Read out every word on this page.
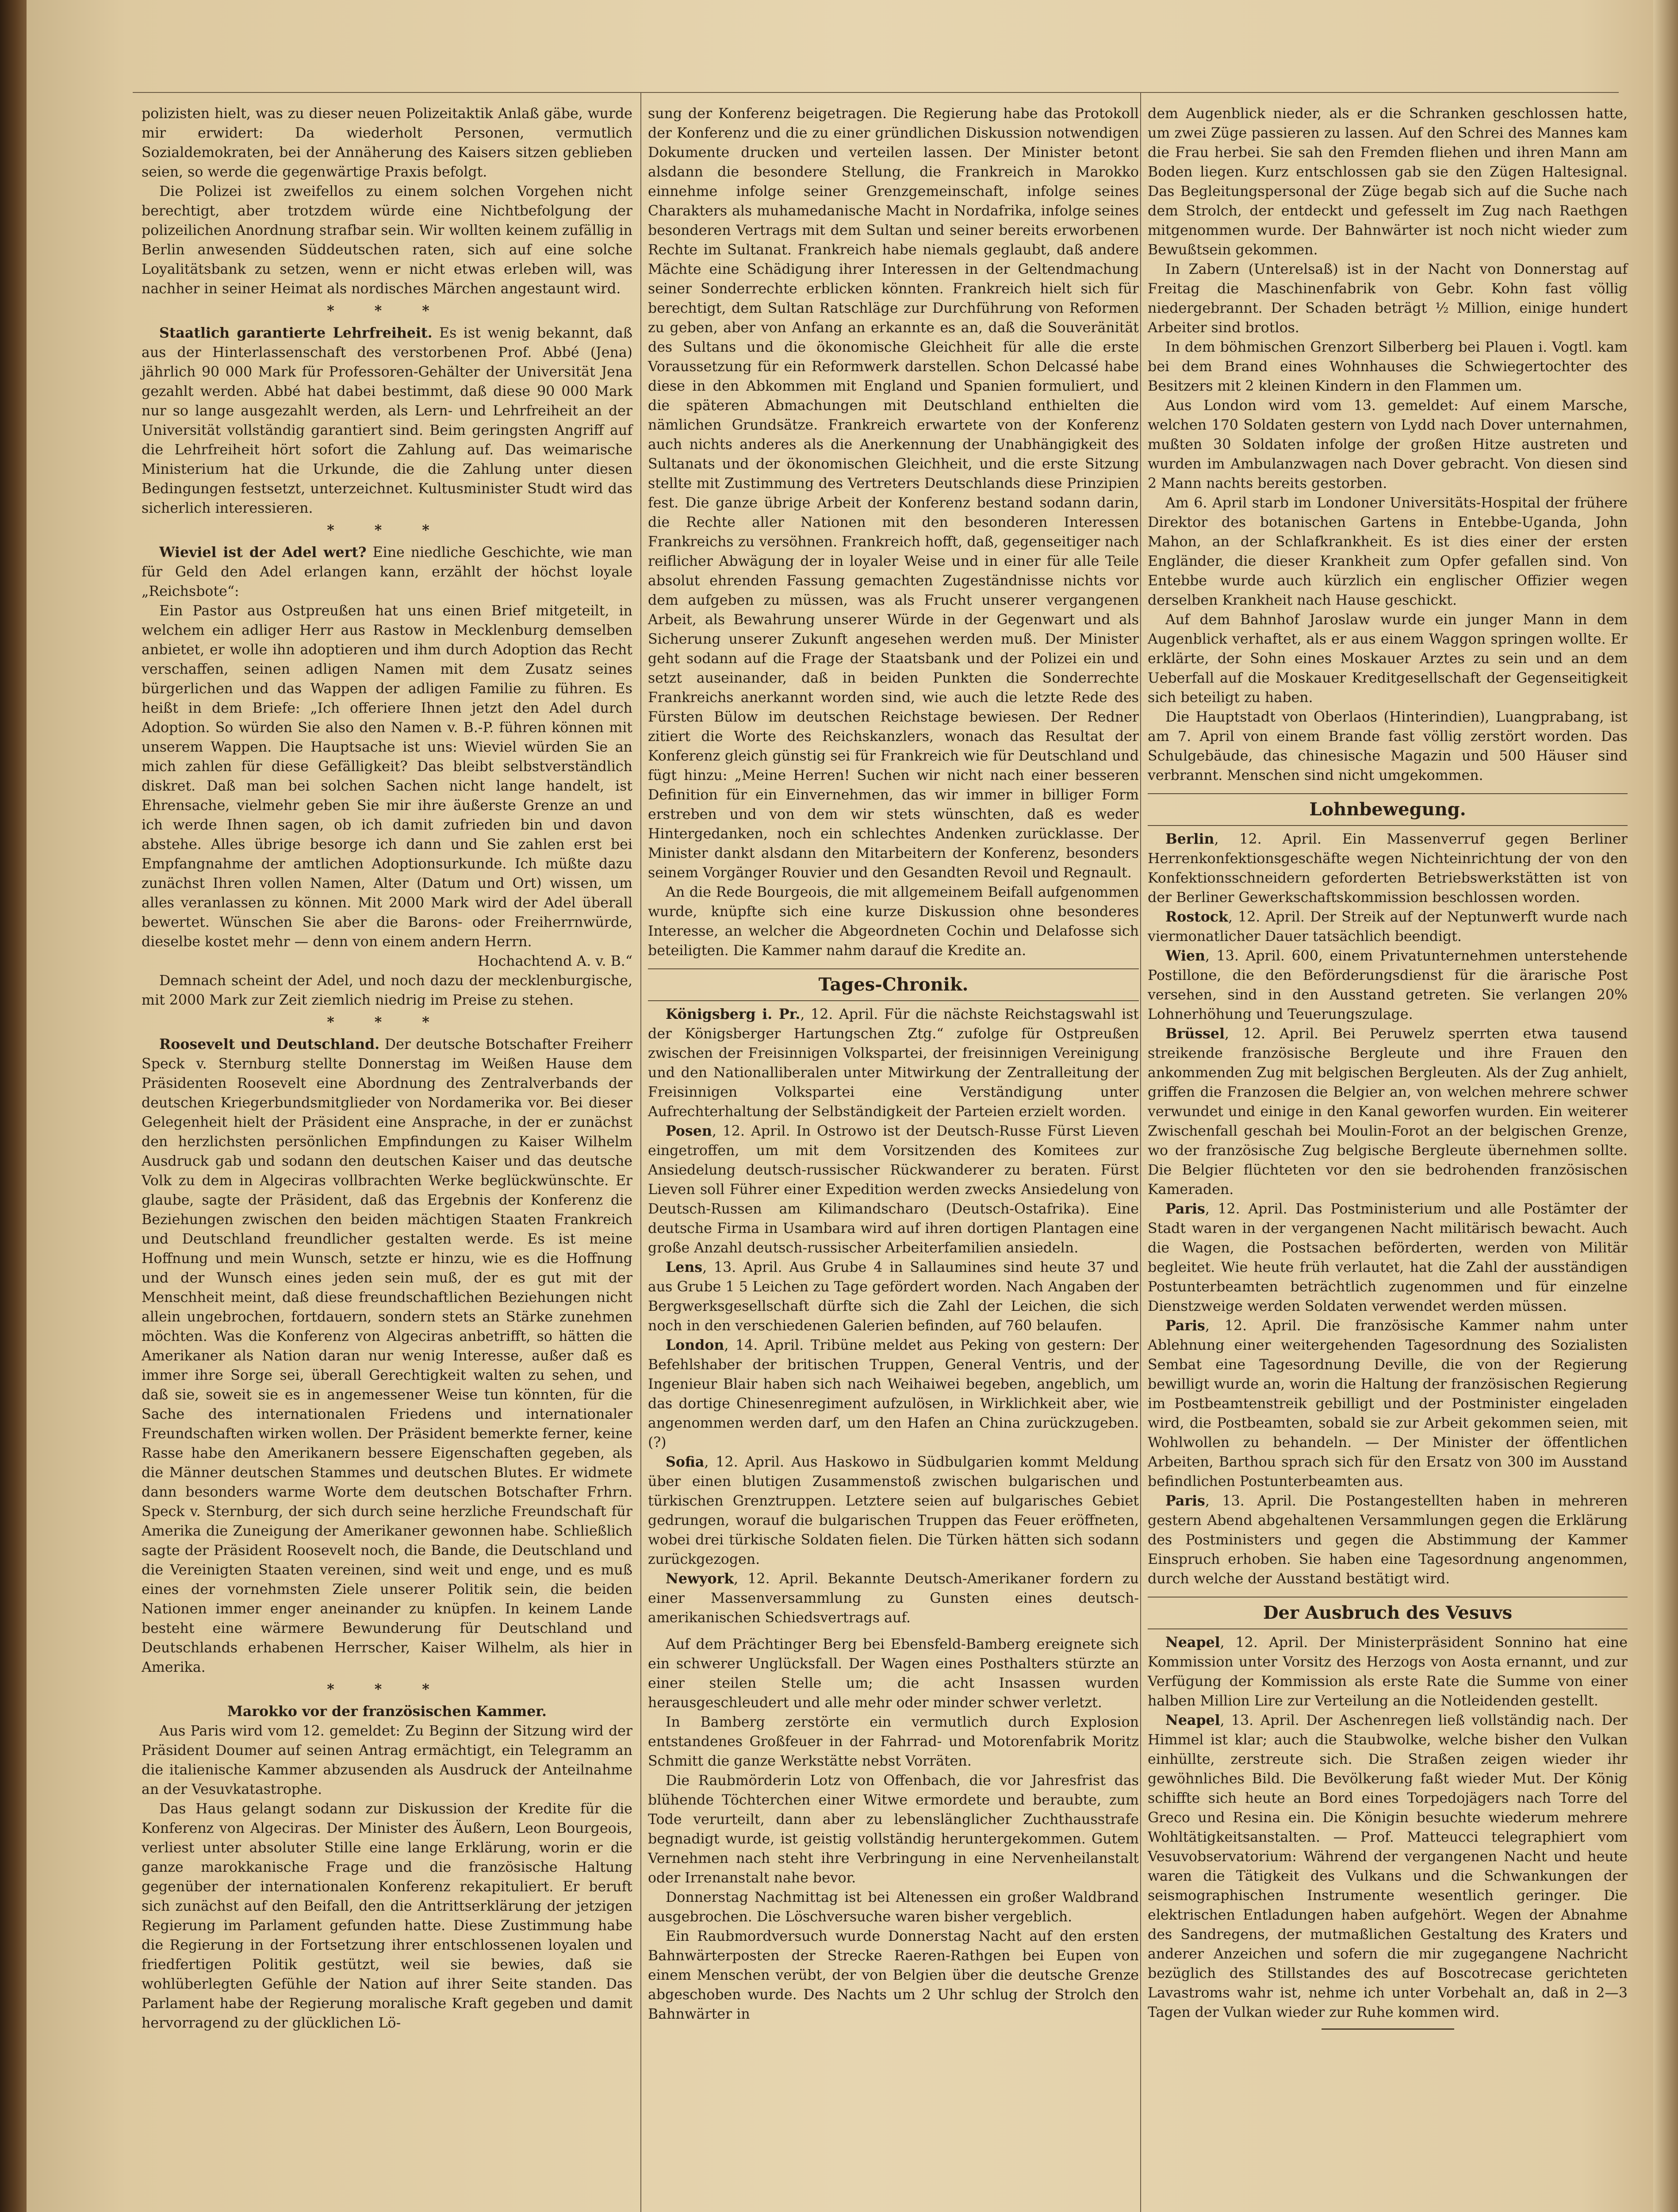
polizisten hielt, was zu dieser neuen Polizeitaktik Anlaß gäbe, wurde mir erwidert: Da wiederholt Personen, vermutlich Sozialdemokraten, bei der Annäherung des Kaisers sitzen geblieben seien, so werde die gegenwärtige Praxis befolgt.

Die Polizei ist zweifellos zu einem solchen Vorgehen nicht berechtigt, aber trotzdem würde eine Nichtbefolgung der polizeilichen Anordnung strafbar sein. Wir wollten keinem zufällig in Berlin anwesenden Süddeutschen raten, sich auf eine solche Loyalitätsbank zu setzen, wenn er nicht etwas erleben will, was nachher in seiner Heimat als nordisches Märchen angestaunt wird.

* * *

Staatlich garantierte Lehrfreiheit. Es ist wenig bekannt, daß aus der Hinterlassenschaft des verstorbenen Prof. Abbé (Jena) jährlich 90 000 Mark für Professoren-Gehälter der Universität Jena gezahlt werden. Abbé hat dabei bestimmt, daß diese 90 000 Mark nur so lange ausgezahlt werden, als Lern- und Lehrfreiheit an der Universität vollständig garantiert sind. Beim geringsten Angriff auf die Lehrfreiheit hört sofort die Zahlung auf. Das weimarische Ministerium hat die Urkunde, die die Zahlung unter diesen Bedingungen festsetzt, unterzeichnet. Kultusminister Studt wird das sicherlich interessieren.

* * *

Wieviel ist der Adel wert? Eine niedliche Geschichte, wie man für Geld den Adel erlangen kann, erzählt der höchst loyale „Reichsbote“:

Ein Pastor aus Ostpreußen hat uns einen Brief mitgeteilt, in welchem ein adliger Herr aus Rastow in Mecklenburg demselben anbietet, er wolle ihn adoptieren und ihm durch Adoption das Recht verschaffen, seinen adligen Namen mit dem Zusatz seines bürgerlichen und das Wappen der adligen Familie zu führen. Es heißt in dem Briefe: „Ich offeriere Ihnen jetzt den Adel durch Adoption. So würden Sie also den Namen v. B.-P. führen können mit unserem Wappen. Die Hauptsache ist uns: Wieviel würden Sie an mich zahlen für diese Gefälligkeit? Das bleibt selbstverständlich diskret. Daß man bei solchen Sachen nicht lange handelt, ist Ehrensache, vielmehr geben Sie mir ihre äußerste Grenze an und ich werde Ihnen sagen, ob ich damit zufrieden bin und davon abstehe. Alles übrige besorge ich dann und Sie zahlen erst bei Empfangnahme der amtlichen Adoptionsurkunde. Ich müßte dazu zunächst Ihren vollen Namen, Alter (Datum und Ort) wissen, um alles veranlassen zu können. Mit 2000 Mark wird der Adel überall bewertet. Wünschen Sie aber die Barons- oder Freiherrnwürde, dieselbe kostet mehr — denn von einem andern Herrn.

Hochachtend A. v. B.“

Demnach scheint der Adel, und noch dazu der mecklenburgische, mit 2000 Mark zur Zeit ziemlich niedrig im Preise zu stehen.

* * *

Roosevelt und Deutschland. Der deutsche Botschafter Freiherr Speck v. Sternburg stellte Donnerstag im Weißen Hause dem Präsidenten Roosevelt eine Abordnung des Zentralverbands der deutschen Kriegerbundsmitglieder von Nordamerika vor. Bei dieser Gelegenheit hielt der Präsident eine Ansprache, in der er zunächst den herzlichsten persönlichen Empfindungen zu Kaiser Wilhelm Ausdruck gab und sodann den deutschen Kaiser und das deutsche Volk zu dem in Algeciras vollbrachten Werke beglückwünschte. Er glaube, sagte der Präsident, daß das Ergebnis der Konferenz die Beziehungen zwischen den beiden mächtigen Staaten Frankreich und Deutschland freundlicher gestalten werde. Es ist meine Hoffnung und mein Wunsch, setzte er hinzu, wie es die Hoffnung und der Wunsch eines jeden sein muß, der es gut mit der Menschheit meint, daß diese freundschaftlichen Beziehungen nicht allein ungebrochen, fortdauern, sondern stets an Stärke zunehmen möchten. Was die Konferenz von Algeciras anbetrifft, so hätten die Amerikaner als Nation daran nur wenig Interesse, außer daß es immer ihre Sorge sei, überall Gerechtigkeit walten zu sehen, und daß sie, soweit sie es in angemessener Weise tun könnten, für die Sache des internationalen Friedens und internationaler Freundschaften wirken wollen. Der Präsident bemerkte ferner, keine Rasse habe den Amerikanern bessere Eigenschaften gegeben, als die Männer deutschen Stammes und deutschen Blutes. Er widmete dann besonders warme Worte dem deutschen Botschafter Frhrn. Speck v. Sternburg, der sich durch seine herzliche Freundschaft für Amerika die Zuneigung der Amerikaner gewonnen habe. Schließlich sagte der Präsident Roosevelt noch, die Bande, die Deutschland und die Vereinigten Staaten vereinen, sind weit und enge, und es muß eines der vornehmsten Ziele unserer Politik sein, die beiden Nationen immer enger aneinander zu knüpfen. In keinem Lande besteht eine wärmere Bewunderung für Deutschland und Deutschlands erhabenen Herrscher, Kaiser Wilhelm, als hier in Amerika.

* * *

Marokko vor der französischen Kammer.

Aus Paris wird vom 12. gemeldet: Zu Beginn der Sitzung wird der Präsident Doumer auf seinen Antrag ermächtigt, ein Telegramm an die italienische Kammer abzusenden als Ausdruck der Anteilnahme an der Vesuvkatastrophe.

Das Haus gelangt sodann zur Diskussion der Kredite für die Konferenz von Algeciras. Der Minister des Äußern, Leon Bourgeois, verliest unter absoluter Stille eine lange Erklärung, worin er die ganze marokkanische Frage und die französische Haltung gegenüber der internationalen Konferenz rekapituliert. Er beruft sich zunächst auf den Beifall, den die Antrittserklärung der jetzigen Regierung im Parlament gefunden hatte. Diese Zustimmung habe die Regierung in der Fortsetzung ihrer entschlossenen loyalen und friedfertigen Politik gestützt, weil sie bewies, daß sie wohlüberlegten Gefühle der Nation auf ihrer Seite standen. Das Parlament habe der Regierung moralische Kraft gegeben und damit hervorragend zu der glücklichen Lö-

sung der Konferenz beigetragen. Die Regierung habe das Protokoll der Konferenz und die zu einer gründlichen Diskussion notwendigen Dokumente drucken und verteilen lassen. Der Minister betont alsdann die besondere Stellung, die Frankreich in Marokko einnehme infolge seiner Grenzgemeinschaft, infolge seines Charakters als muhamedanische Macht in Nordafrika, infolge seines besonderen Vertrags mit dem Sultan und seiner bereits erworbenen Rechte im Sultanat. Frankreich habe niemals geglaubt, daß andere Mächte eine Schädigung ihrer Interessen in der Geltendmachung seiner Sonderrechte erblicken könnten. Frankreich hielt sich für berechtigt, dem Sultan Ratschläge zur Durchführung von Reformen zu geben, aber von Anfang an erkannte es an, daß die Souveränität des Sultans und die ökonomische Gleichheit für alle die erste Voraussetzung für ein Reformwerk darstellen. Schon Delcassé habe diese in den Abkommen mit England und Spanien formuliert, und die späteren Abmachungen mit Deutschland enthielten die nämlichen Grundsätze. Frankreich erwartete von der Konferenz auch nichts anderes als die Anerkennung der Unabhängigkeit des Sultanats und der ökonomischen Gleichheit, und die erste Sitzung stellte mit Zustimmung des Vertreters Deutschlands diese Prinzipien fest. Die ganze übrige Arbeit der Konferenz bestand sodann darin, die Rechte aller Nationen mit den besonderen Interessen Frankreichs zu versöhnen. Frankreich hofft, daß, gegenseitiger nach reiflicher Abwägung der in loyaler Weise und in einer für alle Teile absolut ehrenden Fassung gemachten Zugeständnisse nichts vor dem aufgeben zu müssen, was als Frucht unserer vergangenen Arbeit, als Bewahrung unserer Würde in der Gegenwart und als Sicherung unserer Zukunft angesehen werden muß. Der Minister geht sodann auf die Frage der Staatsbank und der Polizei ein und setzt auseinander, daß in beiden Punkten die Sonderrechte Frankreichs anerkannt worden sind, wie auch die letzte Rede des Fürsten Bülow im deutschen Reichstage bewiesen. Der Redner zitiert die Worte des Reichskanzlers, wonach das Resultat der Konferenz gleich günstig sei für Frankreich wie für Deutschland und fügt hinzu: „Meine Herren! Suchen wir nicht nach einer besseren Definition für ein Einvernehmen, das wir immer in billiger Form erstreben und von dem wir stets wünschten, daß es weder Hintergedanken, noch ein schlechtes Andenken zurücklasse. Der Minister dankt alsdann den Mitarbeitern der Konferenz, besonders seinem Vorgänger Rouvier und den Gesandten Revoil und Regnault.

An die Rede Bourgeois, die mit allgemeinem Beifall aufgenommen wurde, knüpfte sich eine kurze Diskussion ohne besonderes Interesse, an welcher die Abgeordneten Cochin und Delafosse sich beteiligten. Die Kammer nahm darauf die Kredite an.

Tages-Chronik.

Königsberg i. Pr., 12. April. Für die nächste Reichstagswahl ist der Königsberger Hartungschen Ztg.“ zufolge für Ostpreußen zwischen der Freisinnigen Volkspartei, der freisinnigen Vereinigung und den Nationalliberalen unter Mitwirkung der Zentralleitung der Freisinnigen Volkspartei eine Verständigung unter Aufrechterhaltung der Selbständigkeit der Parteien erzielt worden.

Posen, 12. April. In Ostrowo ist der Deutsch-Russe Fürst Lieven eingetroffen, um mit dem Vorsitzenden des Komitees zur Ansiedelung deutsch-russischer Rückwanderer zu beraten. Fürst Lieven soll Führer einer Expedition werden zwecks Ansiedelung von Deutsch-Russen am Kilimandscharo (Deutsch-Ostafrika). Eine deutsche Firma in Usambara wird auf ihren dortigen Plantagen eine große Anzahl deutsch-russischer Arbeiterfamilien ansiedeln.

Lens, 13. April. Aus Grube 4 in Sallaumines sind heute 37 und aus Grube 1 5 Leichen zu Tage gefördert worden. Nach Angaben der Bergwerksgesellschaft dürfte sich die Zahl der Leichen, die sich noch in den verschiedenen Galerien befinden, auf 760 belaufen.

London, 14. April. Tribüne meldet aus Peking von gestern: Der Befehlshaber der britischen Truppen, General Ventris, und der Ingenieur Blair haben sich nach Weihaiwei begeben, angeblich, um das dortige Chinesenregiment aufzulösen, in Wirklichkeit aber, wie angenommen werden darf, um den Hafen an China zurückzugeben. (?)

Sofia, 12. April. Aus Haskowo in Südbulgarien kommt Meldung über einen blutigen Zusammenstoß zwischen bulgarischen und türkischen Grenztruppen. Letztere seien auf bulgarisches Gebiet gedrungen, worauf die bulgarischen Truppen das Feuer eröffneten, wobei drei türkische Soldaten fielen. Die Türken hätten sich sodann zurückgezogen.

Newyork, 12. April. Bekannte Deutsch-Amerikaner fordern zu einer Massenversammlung zu Gunsten eines deutsch-amerikanischen Schiedsvertrags auf.

Auf dem Prächtinger Berg bei Ebensfeld-Bamberg ereignete sich ein schwerer Unglücksfall. Der Wagen eines Posthalters stürzte an einer steilen Stelle um; die acht Insassen wurden herausgeschleudert und alle mehr oder minder schwer verletzt.

In Bamberg zerstörte ein vermutlich durch Explosion entstandenes Großfeuer in der Fahrrad- und Motorenfabrik Moritz Schmitt die ganze Werkstätte nebst Vorräten.

Die Raubmörderin Lotz von Offenbach, die vor Jahresfrist das blühende Töchterchen einer Witwe ermordete und beraubte, zum Tode verurteilt, dann aber zu lebenslänglicher Zuchthausstrafe begnadigt wurde, ist geistig vollständig heruntergekommen. Gutem Vernehmen nach steht ihre Verbringung in eine Nervenheilanstalt oder Irrenanstalt nahe bevor.

Donnerstag Nachmittag ist bei Altenessen ein großer Waldbrand ausgebrochen. Die Löschversuche waren bisher vergeblich.

Ein Raubmordversuch wurde Donnerstag Nacht auf den ersten Bahnwärterposten der Strecke Raeren-Rathgen bei Eupen von einem Menschen verübt, der von Belgien über die deutsche Grenze abgeschoben wurde. Des Nachts um 2 Uhr schlug der Strolch den Bahnwärter in

dem Augenblick nieder, als er die Schranken geschlossen hatte, um zwei Züge passieren zu lassen. Auf den Schrei des Mannes kam die Frau herbei. Sie sah den Fremden fliehen und ihren Mann am Boden liegen. Kurz entschlossen gab sie den Zügen Haltesignal. Das Begleitungspersonal der Züge begab sich auf die Suche nach dem Strolch, der entdeckt und gefesselt im Zug nach Raethgen mitgenommen wurde. Der Bahnwärter ist noch nicht wieder zum Bewußtsein gekommen.

In Zabern (Unterelsaß) ist in der Nacht von Donnerstag auf Freitag die Maschinenfabrik von Gebr. Kohn fast völlig niedergebrannt. Der Schaden beträgt ½ Million, einige hundert Arbeiter sind brotlos.

In dem böhmischen Grenzort Silberberg bei Plauen i. Vogtl. kam bei dem Brand eines Wohnhauses die Schwiegertochter des Besitzers mit 2 kleinen Kindern in den Flammen um.

Aus London wird vom 13. gemeldet: Auf einem Marsche, welchen 170 Soldaten gestern von Lydd nach Dover unternahmen, mußten 30 Soldaten infolge der großen Hitze austreten und wurden im Ambulanzwagen nach Dover gebracht. Von diesen sind 2 Mann nachts bereits gestorben.

Am 6. April starb im Londoner Universitäts-Hospital der frühere Direktor des botanischen Gartens in Entebbe-Uganda, John Mahon, an der Schlafkrankheit. Es ist dies einer der ersten Engländer, die dieser Krankheit zum Opfer gefallen sind. Von Entebbe wurde auch kürzlich ein englischer Offizier wegen derselben Krankheit nach Hause geschickt.

Auf dem Bahnhof Jaroslaw wurde ein junger Mann in dem Augenblick verhaftet, als er aus einem Waggon springen wollte. Er erklärte, der Sohn eines Moskauer Arztes zu sein und an dem Ueberfall auf die Moskauer Kreditgesellschaft der Gegenseitigkeit sich beteiligt zu haben.

Die Hauptstadt von Oberlaos (Hinterindien), Luangprabang, ist am 7. April von einem Brande fast völlig zerstört worden. Das Schulgebäude, das chinesische Magazin und 500 Häuser sind verbrannt. Menschen sind nicht umgekommen.

Lohnbewegung.

Berlin, 12. April. Ein Massenverruf gegen Berliner Herrenkonfektionsgeschäfte wegen Nichteinrichtung der von den Konfektionsschneidern geforderten Betriebswerkstätten ist von der Berliner Gewerkschaftskommission beschlossen worden.

Rostock, 12. April. Der Streik auf der Neptunwerft wurde nach viermonatlicher Dauer tatsächlich beendigt.

Wien, 13. April. 600, einem Privatunternehmen unterstehende Postillone, die den Beförderungsdienst für die ärarische Post versehen, sind in den Ausstand getreten. Sie verlangen 20% Lohnerhöhung und Teuerungszulage.

Brüssel, 12. April. Bei Peruwelz sperrten etwa tausend streikende französische Bergleute und ihre Frauen den ankommenden Zug mit belgischen Bergleuten. Als der Zug anhielt, griffen die Franzosen die Belgier an, von welchen mehrere schwer verwundet und einige in den Kanal geworfen wurden. Ein weiterer Zwischenfall geschah bei Moulin-Forot an der belgischen Grenze, wo der französische Zug belgische Bergleute übernehmen sollte. Die Belgier flüchteten vor den sie bedrohenden französischen Kameraden.

Paris, 12. April. Das Postministerium und alle Postämter der Stadt waren in der vergangenen Nacht militärisch bewacht. Auch die Wagen, die Postsachen beförderten, werden von Militär begleitet. Wie heute früh verlautet, hat die Zahl der ausständigen Postunterbeamten beträchtlich zugenommen und für einzelne Dienstzweige werden Soldaten verwendet werden müssen.

Paris, 12. April. Die französische Kammer nahm unter Ablehnung einer weitergehenden Tagesordnung des Sozialisten Sembat eine Tagesordnung Deville, die von der Regierung bewilligt wurde an, worin die Haltung der französischen Regierung im Postbeamtenstreik gebilligt und der Postminister eingeladen wird, die Postbeamten, sobald sie zur Arbeit gekommen seien, mit Wohlwollen zu behandeln. — Der Minister der öffentlichen Arbeiten, Barthou sprach sich für den Ersatz von 300 im Ausstand befindlichen Postunterbeamten aus.

Paris, 13. April. Die Postangestellten haben in mehreren gestern Abend abgehaltenen Versammlungen gegen die Erklärung des Postministers und gegen die Abstimmung der Kammer Einspruch erhoben. Sie haben eine Tagesordnung angenommen, durch welche der Ausstand bestätigt wird.

Der Ausbruch des Vesuvs

Neapel, 12. April. Der Ministerpräsident Sonnino hat eine Kommission unter Vorsitz des Herzogs von Aosta ernannt, und zur Verfügung der Kommission als erste Rate die Summe von einer halben Million Lire zur Verteilung an die Notleidenden gestellt.

Neapel, 13. April. Der Aschenregen ließ vollständig nach. Der Himmel ist klar; auch die Staubwolke, welche bisher den Vulkan einhüllte, zerstreute sich. Die Straßen zeigen wieder ihr gewöhnliches Bild. Die Bevölkerung faßt wieder Mut. Der König schiffte sich heute an Bord eines Torpedojägers nach Torre del Greco und Resina ein. Die Königin besuchte wiederum mehrere Wohltätigkeitsanstalten. — Prof. Matteucci telegraphiert vom Vesuvobservatorium: Während der vergangenen Nacht und heute waren die Tätigkeit des Vulkans und die Schwankungen der seismographischen Instrumente wesentlich geringer. Die elektrischen Entladungen haben aufgehört. Wegen der Abnahme des Sandregens, der mutmaßlichen Gestaltung des Kraters und anderer Anzeichen und sofern die mir zugegangene Nachricht bezüglich des Stillstandes des auf Boscotrecase gerichteten Lavastroms wahr ist, nehme ich unter Vorbehalt an, daß in 2—3 Tagen der Vulkan wieder zur Ruhe kommen wird.
